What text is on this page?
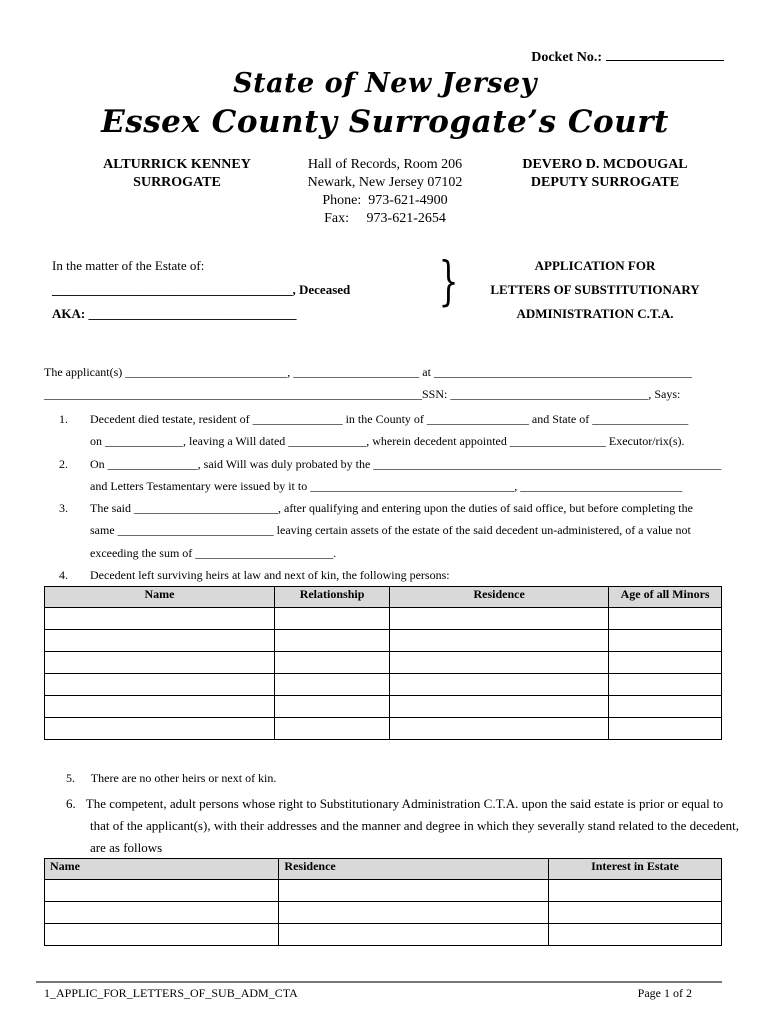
Docket No.:
State of New Jersey
Essex County Surrogate’s Court
ALTURRICK KENNEY
SURROGATE
Hall of Records, Room 206
Newark, New Jersey 07102
Phone:  973-621-4900
Fax:     973-621-2654
DEVERO D. MCDOUGAL
DEPUTY SURROGATE
In the matter of the Estate of:
_____________________________________, Deceased
AKA: ________________________________
}	APPLICATION FOR
LETTERS OF SUBSTITUTIONARY
ADMINISTRATION C.T.A.
The applicant(s) ___________________________, _____________________ at ___________________________________________
_______________________________________________________________SSN: _________________________________, Says:
1. Decedent died testate, resident of _______________ in the County of _________________ and State of ________________
on _____________, leaving a Will dated _____________, wherein decedent appointed ________________ Executor/rix(s).
2. On _______________, said Will was duly probated by the __________________________________________________________
and Letters Testamentary were issued by it to __________________________________, ___________________________
3. The said ________________________, after qualifying and entering upon the duties of said office, but before completing the
same __________________________ leaving certain assets of the estate of the said decedent un-administered, of a value not
exceeding the sum of _______________________.
4. Decedent left surviving heirs at law and next of kin, the following persons:
Name	Relationship	Residence	Age of all Minors

5. There are no other heirs or next of kin.
6. The competent, adult persons whose right to Substitutionary Administration C.T.A. upon the said estate is prior or equal to
that of the applicant(s), with their addresses and the manner and degree in which they severally stand related to the decedent,
are as follows
Name	Residence	Interest in Estate

1_APPLIC_FOR_LETTERS_OF_SUB_ADM_CTA	Page 1 of 2
